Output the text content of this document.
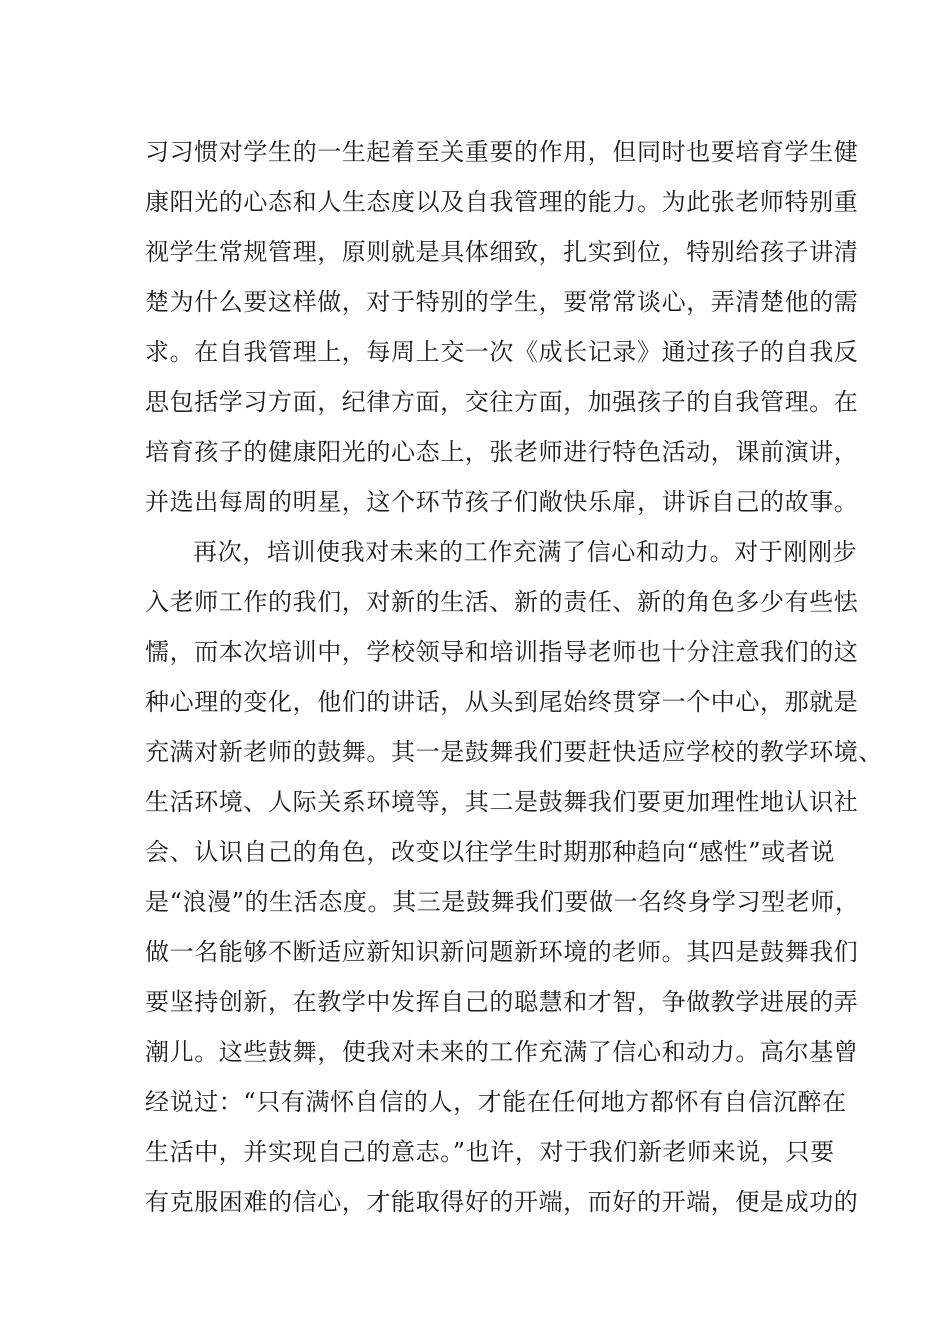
习习惯对学生的一生起着至关重要的作用，但同时也要培育学生健
康阳光的心态和人生态度以及自我管理的能力。为此张老师特别重
视学生常规管理，原则就是具体细致，扎实到位，特别给孩子讲清
楚为什么要这样做，对于特别的学生，要常常谈心，弄清楚他的需
求。在自我管理上，每周上交一次《成长记录》通过孩子的自我反
思包括学习方面，纪律方面，交往方面，加强孩子的自我管理。在
培育孩子的健康阳光的心态上，张老师进行特色活动，课前演讲，
并选出每周的明星，这个环节孩子们敞快乐扉，讲诉自己的故事。
再次，培训使我对未来的工作充满了信心和动力。对于刚刚步
入老师工作的我们，对新的生活、新的责任、新的角色多少有些怯
懦，而本次培训中，学校领导和培训指导老师也十分注意我们的这
种心理的变化，他们的讲话，从头到尾始终贯穿一个中心，那就是
充满对新老师的鼓舞。其一是鼓舞我们要赶快适应学校的教学环境、
生活环境、人际关系环境等，其二是鼓舞我们要更加理性地认识社
会、认识自己的角色，改变以往学生时期那种趋向“感性”或者说
是“浪漫”的生活态度。其三是鼓舞我们要做一名终身学习型老师，
做一名能够不断适应新知识新问题新环境的老师。其四是鼓舞我们
要坚持创新，在教学中发挥自己的聪慧和才智，争做教学进展的弄
潮儿。这些鼓舞，使我对未来的工作充满了信心和动力。高尔基曾
经说过：“只有满怀自信的人，才能在任何地方都怀有自信沉醉在
生活中，并实现自己的意志。”也许，对于我们新老师来说，只要
有克服困难的信心，才能取得好的开端，而好的开端，便是成功的
